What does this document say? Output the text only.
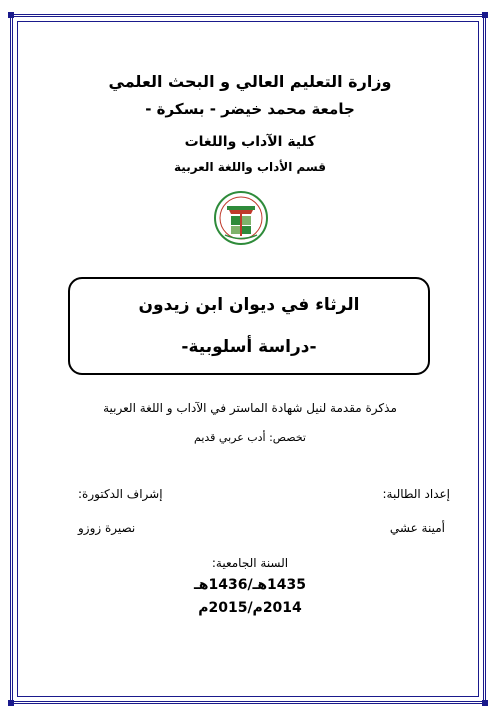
وزارة التعليم العالي و البحث العلمي
جامعة محمد خيضر - بسكرة -
كلية الآداب واللغات
قسم الأداب واللغة العربية
الرثاء في ديوان ابن زيدون
-دراسة أسلوبية-
مذكرة مقدمة لنيل شهادة الماستر في الآداب و اللغة العربية
تخصص: أدب عربي قديم
إعداد الطالبة:
إشراف الدكتورة:
أمينة عشي
نصيرة زوزو
السنة الجامعية:
1435هـ/1436هـ
2014م/2015م
